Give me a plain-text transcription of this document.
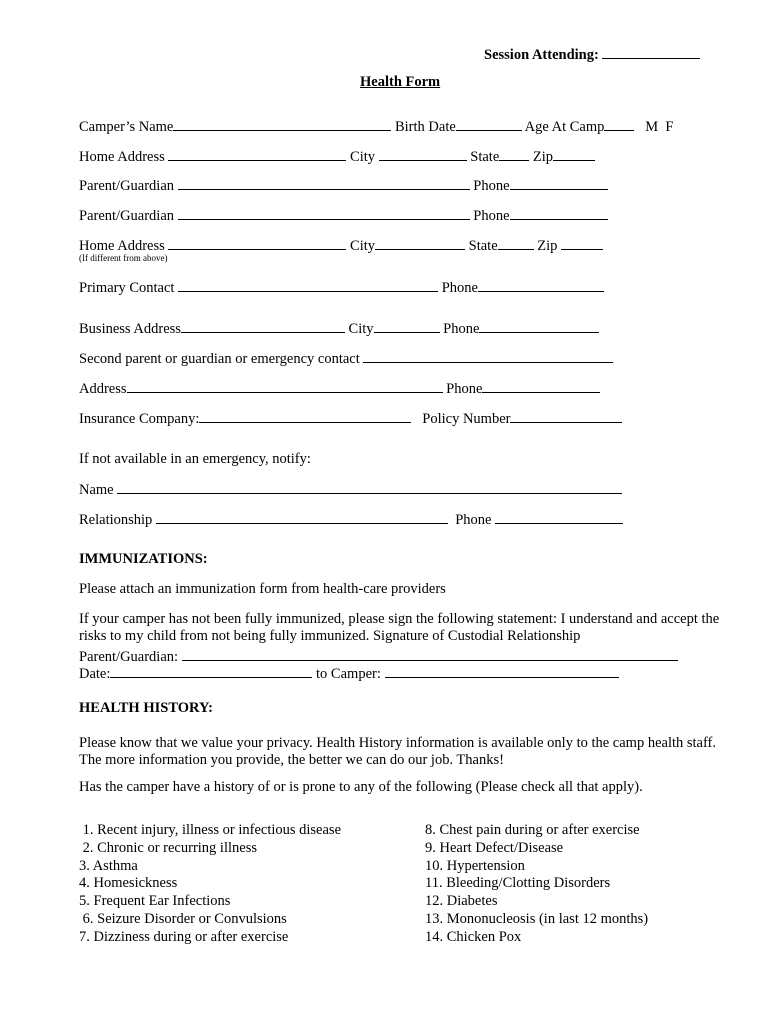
Session Attending:
Health Form
Camper’s Name	Birth Date	Age At Camp	M F
Home Address	City	State Zip
Parent/Guardian	Phone
Parent/Guardian	Phone
Home Address	City	State	Zip
(If different from above)
Primary Contact	Phone
Business Address	City	Phone
Second parent or guardian or emergency contact
Address	Phone
Insurance Company:	Policy Number
If not available in an emergency, notify:
Name
Relationship	Phone
IMMUNIZATIONS:
Please attach an immunization form from health-care providers
If your camper has not been fully immunized, please sign the following statement: I understand and accept the risks to my child from not being fully immunized. Signature of Custodial Relationship
Parent/Guardian:
Date:	to Camper:
HEALTH HISTORY:
Please know that we value your privacy. Health History information is available only to the camp health staff. The more information you provide, the better we can do our job. Thanks!
Has the camper have a history of or is prone to any of the following (Please check all that apply).
1. Recent injury, illness or infectious disease
2. Chronic or recurring illness
3. Asthma
4. Homesickness
5. Frequent Ear Infections
6. Seizure Disorder or Convulsions
7. Dizziness during or after exercise
8. Chest pain during or after exercise
9. Heart Defect/Disease
10. Hypertension
11. Bleeding/Clotting Disorders
12. Diabetes
13. Mononucleosis (in last 12 months)
14. Chicken Pox
